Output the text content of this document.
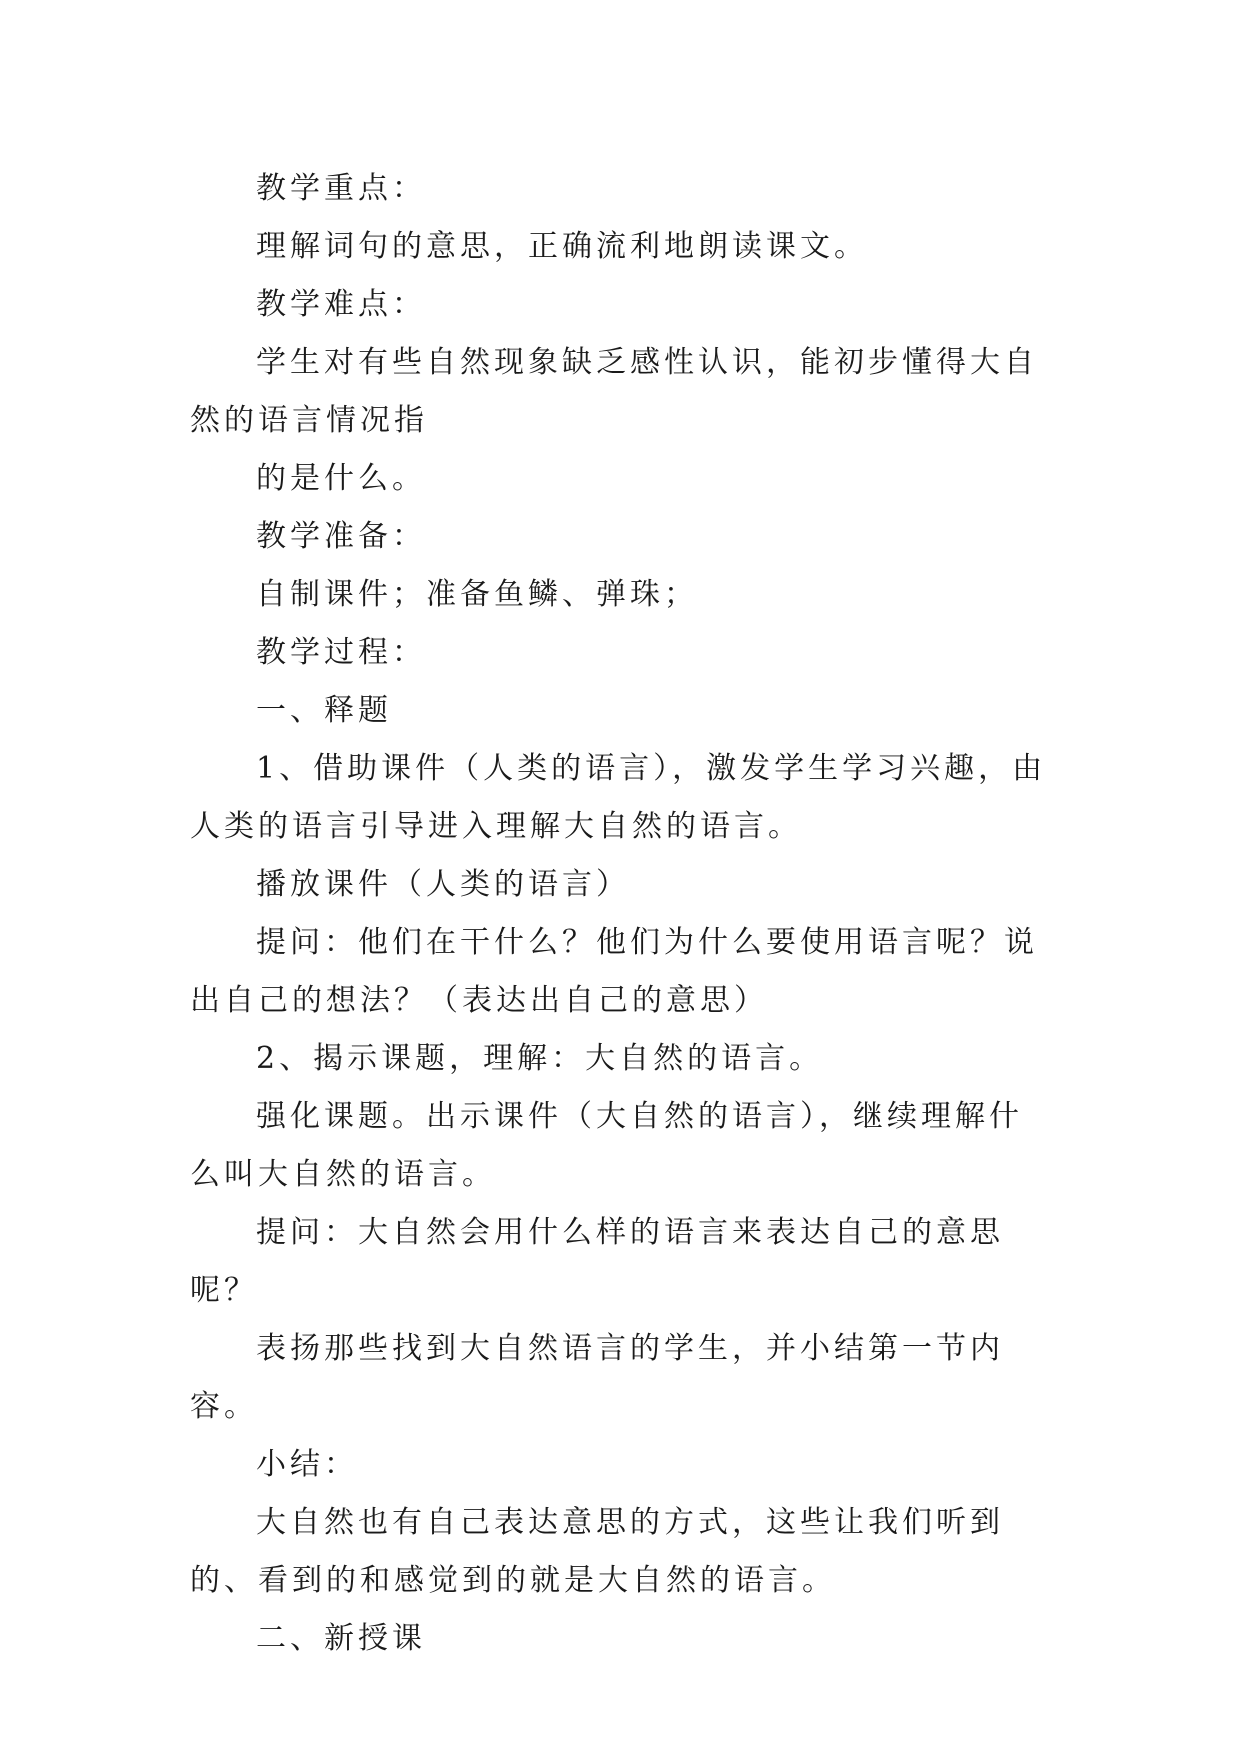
教学重点：

理解词句的意思，正确流利地朗读课文。

教学难点：

学生对有些自然现象缺乏感性认识，能初步懂得大自然的语言情况指

的是什么。

教学准备：

自制课件；准备鱼鳞、弹珠；

教学过程：

一、释题

1、借助课件（人类的语言），激发学生学习兴趣，由人类的语言引导进入理解大自然的语言。

播放课件（人类的语言）

提问：他们在干什么？他们为什么要使用语言呢？说出自己的想法？（表达出自己的意思）

2、揭示课题，理解：大自然的语言。

强化课题。出示课件（大自然的语言），继续理解什么叫大自然的语言。

提问：大自然会用什么样的语言来表达自己的意思呢？

表扬那些找到大自然语言的学生，并小结第一节内容。

小结：

大自然也有自己表达意思的方式，这些让我们听到的、看到的和感觉到的就是大自然的语言。

二、新授课
